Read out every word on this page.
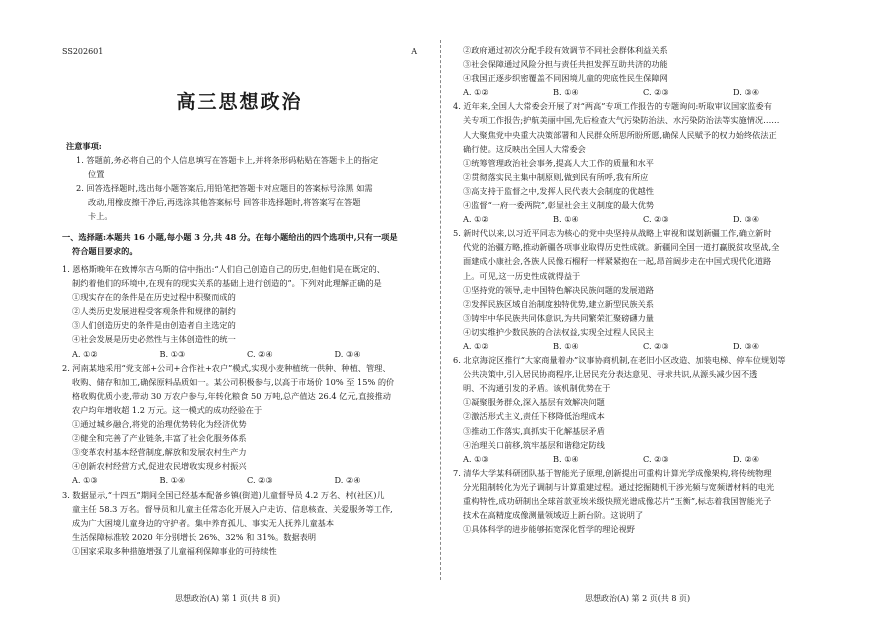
SS202601	A
高三思想政治
注意事项:
1. 答题前,务必将自己的个人信息填写在答题卡上,并将条形码粘贴在答题卡上的指定
位置
2. 回答选择题时,选出每小题答案后,用铅笔把答题卡对应题目的答案标号涂黑 如需
改动,用橡皮擦干净后,再选涂其他答案标号 回答非选择题时,将答案写在答题
卡上。
一、选择题:本题共 16 小题,每小题 3 分,共 48 分。在每小题给出的四个选项中,只有一项是
符合题目要求的。
1. 恩格斯晚年在致博尔吉乌斯的信中指出:“人们自己创造自己的历史,但他们是在既定的、
制约着他们的环境中,在现有的现实关系的基础上进行创造的”。下列对此理解正确的是
①现实存在的条件是在历史过程中积聚而成的
②人类历史发展进程受客观条件和规律的制约
③人们创造历史的条件是由创造者自主选定的
④社会发展是历史必然性与主体创造性的统一
A. ①②	B. ①③	C. ②④	D. ③④
2. 河南某地采用“党支部+公司+合作社+农户”模式,实现小麦种植统一供种、种植、管理、
收购、储存和加工,确保原料品质如一。某公司积极参与,以高于市场价 10% 至 15% 的价
格收购优质小麦,带动 30 万农户参与,年转化粮食 50 万吨,总产值达 26.4 亿元,直接推动
农户均年增收超 1.2 万元。这一模式的成功经验在于
①通过城乡融合,将党的治理优势转化为经济优势
②健全和完善了产业链条,丰富了社会化服务体系
③变革农村基本经营制度,解放和发展农村生产力
④创新农村经营方式,促进农民增收实现乡村振兴
A. ①③	B. ①④	C. ②③	D. ②④
3. 数据显示,“十四五”期间全国已经基本配备乡镇(街道)儿童督导员 4.2 万名、村(社区)儿
童主任 58.3 万名。督导员和儿童主任常态化开展入户走访、信息核查、关爱服务等工作,
成为广大困境儿童身边的守护者。集中养育孤儿、事实无人抚养儿童基本
生活保障标准较 2020 年分别增长 26%、32% 和 31%。数据表明
①国家采取多种措施增强了儿童福利保障事业的可持续性
②政府通过初次分配手段有效调节不同社会群体利益关系
③社会保障通过风险分担与责任共担发挥互助共济的功能
④我国正逐步织密覆盖不同困境儿童的兜底性民生保障网
A. ①②	B. ①④	C. ②③	D. ③④
4. 近年来,全国人大常委会开展了对“两高”专项工作报告的专题询问:听取审议国家监委有
关专项工作报告;护航美丽中国,先后检查大气污染防治法、水污染防治法等实施情况……
人大聚焦党中央重大决策部署和人民群众所思所盼所愿,确保人民赋予的权力始终依法正
确行使。这反映出全国人大常委会
①统筹管理政治社会事务,提高人大工作的质量和水平
②贯彻落实民主集中制原则,做到民有所呼,我有所应
③高支持于监督之中,发挥人民代表大会制度的优越性
④监督“一府一委两院”,彰显社会主义制度的最大优势
A. ①②	B. ①④	C. ②③	D. ③④
5. 新时代以来,以习近平同志为核心的党中央坚持从战略上审视和谋划新疆工作,确立新时
代党的治疆方略,推动新疆各项事业取得历史性成就。新疆同全国一道打赢脱贫攻坚战,全
面建成小康社会,各族人民像石榴籽一样紧紧抱在一起,昂首阔步走在中国式现代化道路
上。可见,这一历史性成就得益于
①坚持党的领导,走中国特色解决民族问题的发展道路
②发挥民族区域自治制度独特优势,建立新型民族关系
③铸牢中华民族共同体意识,为共同繁荣汇聚磅礴力量
④切实维护少数民族的合法权益,实现全过程人民民主
A. ①②	B. ①④	C. ②③	D. ③④
6. 北京海淀区推行“大家商量着办”议事协商机制,在老旧小区改造、加装电梯、停车位规划等
公共决策中,引入居民协商程序,让居民充分表达意见、寻求共识,从源头减少因不透
明、不沟通引发的矛盾。该机制优势在于
①凝聚服务群众,深入基层有效解决问题
②激活形式主义,责任下移降低治理成本
③推动工作落实,真抓实干化解基层矛盾
④治理关口前移,筑牢基层和谐稳定防线
A. ①③	B. ①④	C. ②③	D. ②④
7. 清华大学某科研团队基于智能光子原理,创新提出可重构计算光学成像架构,将传统物理
分光阻制转化为光子调制与计算重建过程。通过挖掘随机干涉光频与宽频谱材料的电光
重构特性,成功研制出全球首款亚埃米级快照光谱成像芯片“玉衡”,标志着我国智能光子
技术在高精度成像测量领域迈上新台阶。这说明了
①具体科学的进步能够拓宽深化哲学的理论视野
思想政治(A) 第 1 页(共 8 页)	思想政治(A) 第 2 页(共 8 页)
